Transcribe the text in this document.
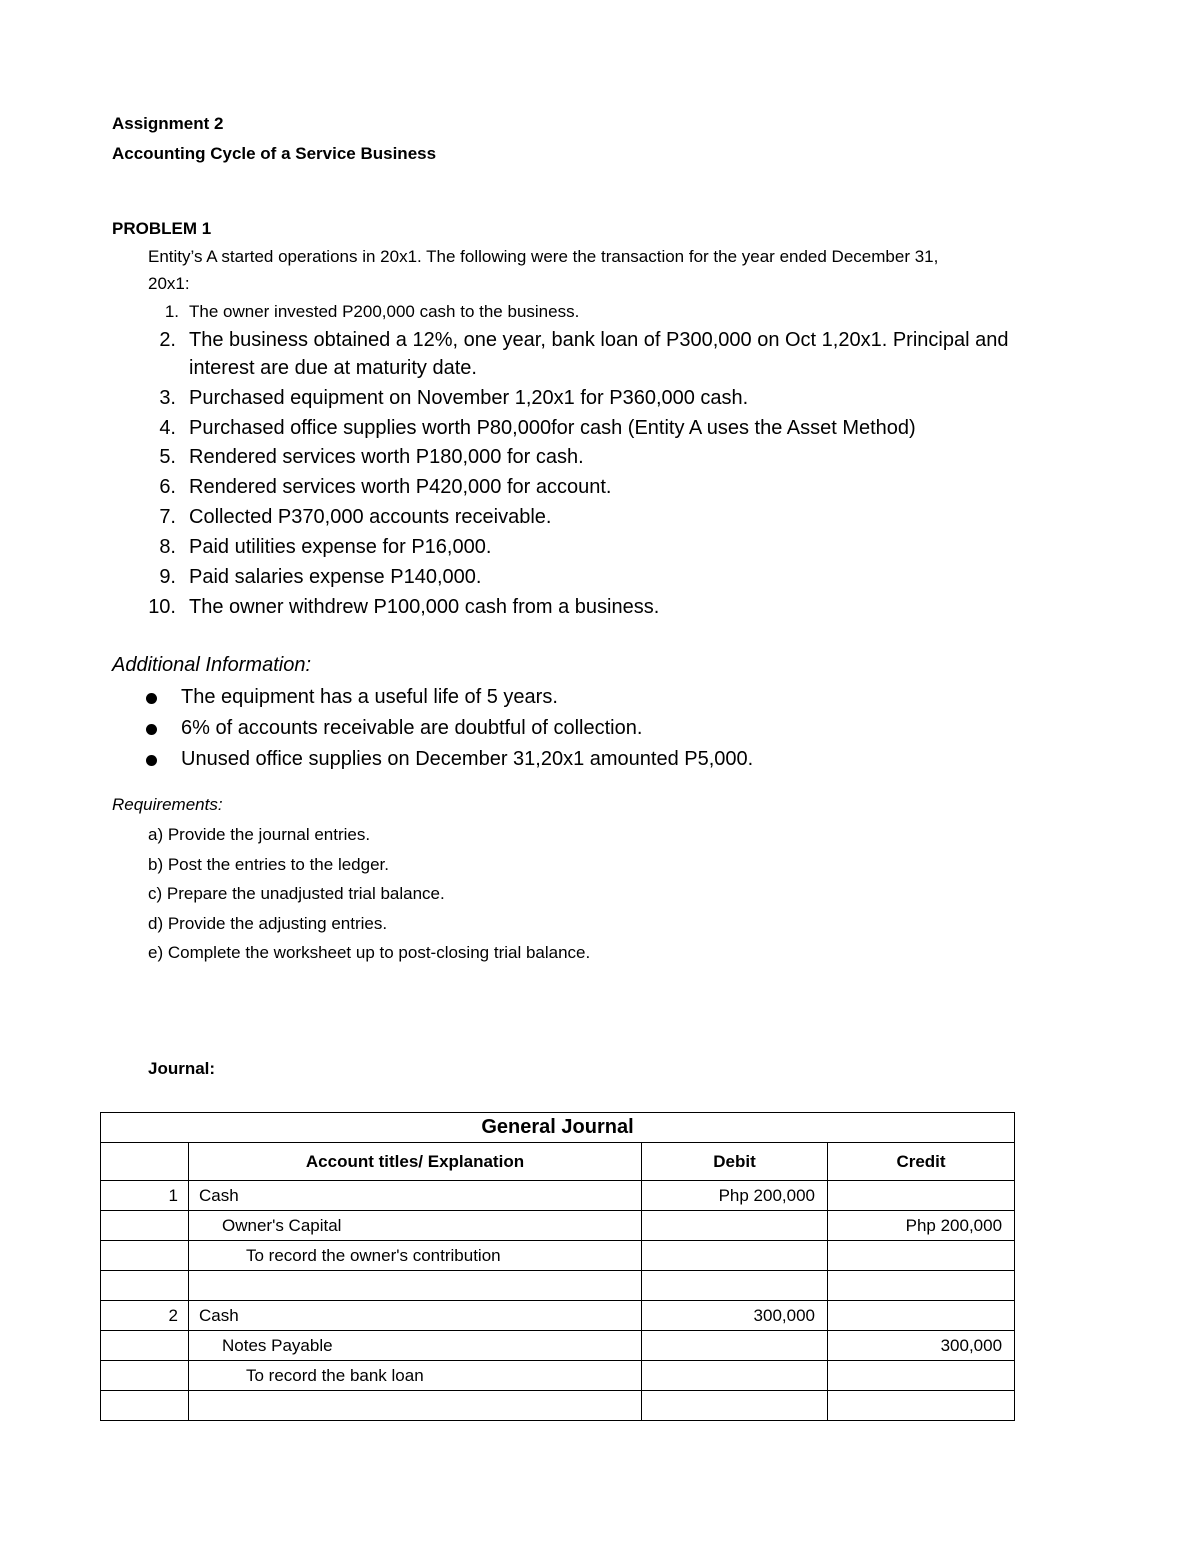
Assignment 2
Accounting Cycle of a Service Business
PROBLEM 1
Entity’s A started operations in 20x1. The following were the transaction for the year ended December 31,
20x1:
1. The owner invested P200,000 cash to the business.
2. The business obtained a 12%, one year, bank loan of P300,000 on Oct 1,20x1. Principal and
interest are due at maturity date.
3. Purchased equipment on November 1,20x1 for P360,000 cash.
4. Purchased office supplies worth P80,000for cash (Entity A uses the Asset Method)
5. Rendered services worth P180,000 for cash.
6. Rendered services worth P420,000 for account.
7. Collected P370,000 accounts receivable.
8. Paid utilities expense for P16,000.
9. Paid salaries expense P140,000.
10. The owner withdrew P100,000 cash from a business.
Additional Information:
The equipment has a useful life of 5 years.
6% of accounts receivable are doubtful of collection.
Unused office supplies on December 31,20x1 amounted P5,000.
Requirements:
a) Provide the journal entries.
b) Post the entries to the ledger.
c) Prepare the unadjusted trial balance.
d) Provide the adjusting entries.
e) Complete the worksheet up to post-closing trial balance.
Journal:
General Journal			
	Account titles/ Explanation	Debit	Credit
1	Cash	Php 200,000	
	Owner's Capital		Php 200,000
	To record the owner's contribution		

2	Cash	300,000	
	Notes Payable		300,000
	To record the bank loan		
